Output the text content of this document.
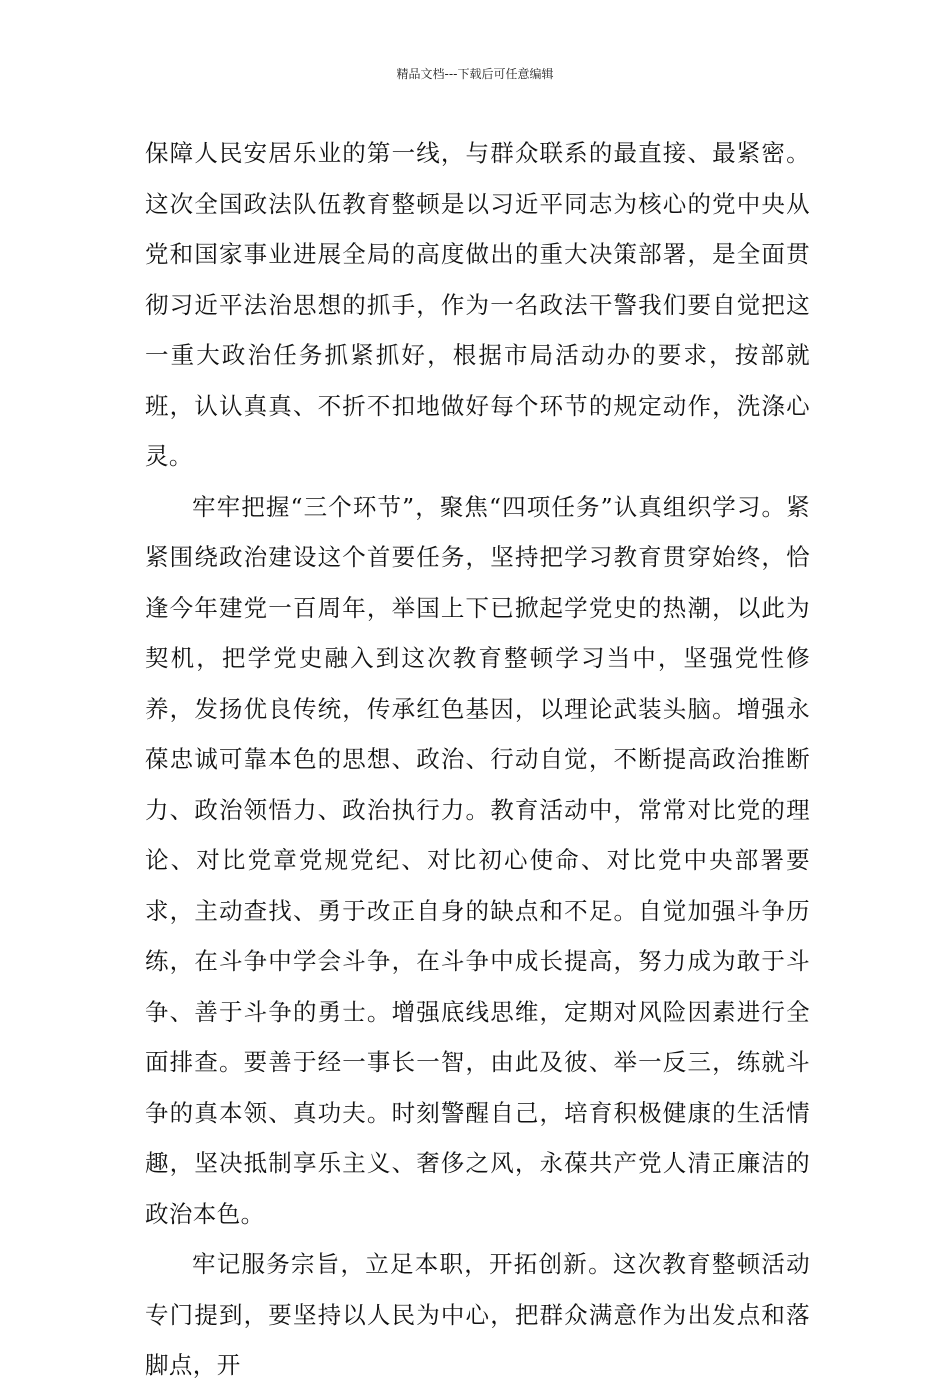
精品文档---下载后可任意编辑

保障人民安居乐业的第一线，与群众联系的最直接、最紧密。这次全国政法队伍教育整顿是以习近平同志为核心的党中央从党和国家事业进展全局的高度做出的重大决策部署，是全面贯彻习近平法治思想的抓手，作为一名政法干警我们要自觉把这一重大政治任务抓紧抓好，根据市局活动办的要求，按部就班，认认真真、不折不扣地做好每个环节的规定动作，洗涤心灵。

牢牢把握“三个环节”，聚焦“四项任务”认真组织学习。紧紧围绕政治建设这个首要任务，坚持把学习教育贯穿始终，恰逢今年建党一百周年，举国上下已掀起学党史的热潮，以此为契机，把学党史融入到这次教育整顿学习当中，坚强党性修养，发扬优良传统，传承红色基因，以理论武装头脑。增强永葆忠诚可靠本色的思想、政治、行动自觉，不断提高政治推断力、政治领悟力、政治执行力。教育活动中，常常对比党的理论、对比党章党规党纪、对比初心使命、对比党中央部署要求，主动查找、勇于改正自身的缺点和不足。自觉加强斗争历练，在斗争中学会斗争，在斗争中成长提高，努力成为敢于斗争、善于斗争的勇士。增强底线思维，定期对风险因素进行全面排查。要善于经一事长一智，由此及彼、举一反三，练就斗争的真本领、真功夫。时刻警醒自己，培育积极健康的生活情趣，坚决抵制享乐主义、奢侈之风，永葆共产党人清正廉洁的政治本色。

牢记服务宗旨，立足本职，开拓创新。这次教育整顿活动专门提到，要坚持以人民为中心，把群众满意作为出发点和落脚点，开
